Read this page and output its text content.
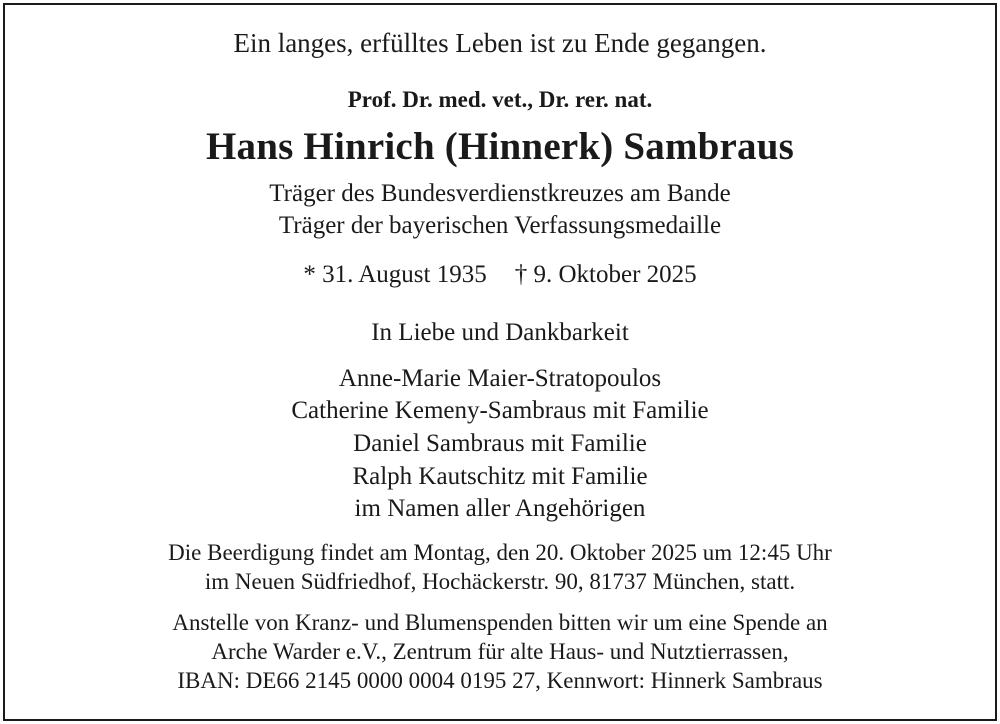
Ein langes, erfülltes Leben ist zu Ende gegangen.
Prof. Dr. med. vet., Dr. rer. nat.
Hans Hinrich (Hinnerk) Sambraus
Träger des Bundesverdienstkreuzes am Bande
Träger der bayerischen Verfassungsmedaille
* 31. August 1935 † 9. Oktober 2025
In Liebe und Dankbarkeit
Anne-Marie Maier-Stratopoulos
Catherine Kemeny-Sambraus mit Familie
Daniel Sambraus mit Familie
Ralph Kautschitz mit Familie
im Namen aller Angehörigen
Die Beerdigung findet am Montag, den 20. Oktober 2025 um 12:45 Uhr
im Neuen Südfriedhof, Hochäckerstr. 90, 81737 München, statt.
Anstelle von Kranz- und Blumenspenden bitten wir um eine Spende an
Arche Warder e.V., Zentrum für alte Haus- und Nutztierrassen,
IBAN: DE66 2145 0000 0004 0195 27, Kennwort: Hinnerk Sambraus
